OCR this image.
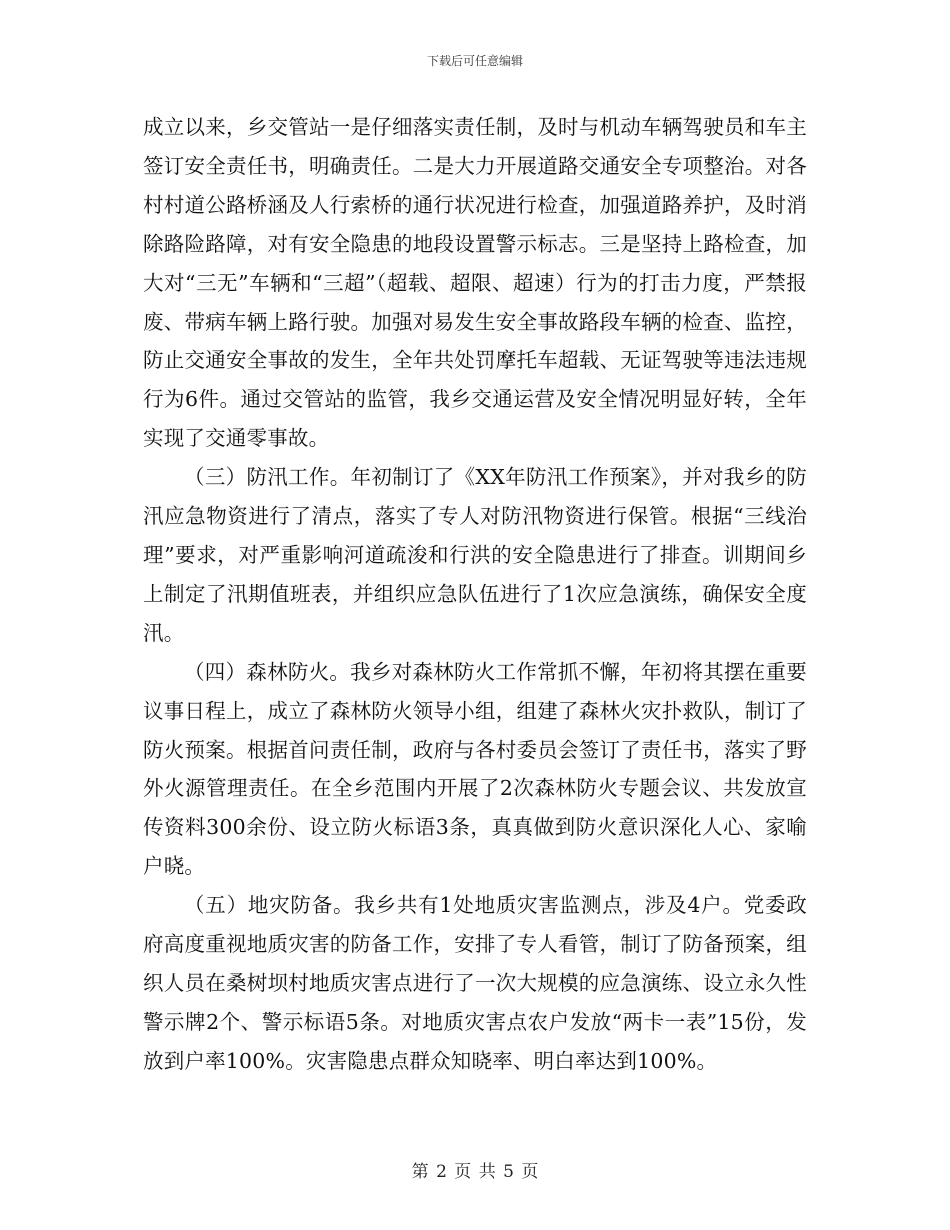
下载后可任意编辑

成立以来，乡交管站一是仔细落实责任制，及时与机动车辆驾驶员和车主签订安全责任书，明确责任。二是大力开展道路交通安全专项整治。对各村村道公路桥涵及人行索桥的通行状况进行检查，加强道路养护，及时消除路险路障，对有安全隐患的地段设置警示标志。三是坚持上路检查，加大对“三无”车辆和“三超”（超载、超限、超速）行为的打击力度，严禁报废、带病车辆上路行驶。加强对易发生安全事故路段车辆的检查、监控，防止交通安全事故的发生，全年共处罚摩托车超载、无证驾驶等违法违规行为6件。通过交管站的监管，我乡交通运营及安全情况明显好转，全年实现了交通零事故。

（三）防汛工作。年初制订了《XX年防汛工作预案》，并对我乡的防汛应急物资进行了清点，落实了专人对防汛物资进行保管。根据“三线治理”要求，对严重影响河道疏浚和行洪的安全隐患进行了排查。训期间乡上制定了汛期值班表，并组织应急队伍进行了1次应急演练，确保安全度汛。

（四）森林防火。我乡对森林防火工作常抓不懈，年初将其摆在重要议事日程上，成立了森林防火领导小组，组建了森林火灾扑救队，制订了防火预案。根据首问责任制，政府与各村委员会签订了责任书，落实了野外火源管理责任。在全乡范围内开展了2次森林防火专题会议、共发放宣传资料300余份、设立防火标语3条，真真做到防火意识深化人心、家喻户晓。

（五）地灾防备。我乡共有1处地质灾害监测点，涉及4户。党委政府高度重视地质灾害的防备工作，安排了专人看管，制订了防备预案，组织人员在桑树坝村地质灾害点进行了一次大规模的应急演练、设立永久性警示牌2个、警示标语5条。对地质灾害点农户发放“两卡一表”15份，发放到户率100%。灾害隐患点群众知晓率、明白率达到100%。

第 2 页 共 5 页
